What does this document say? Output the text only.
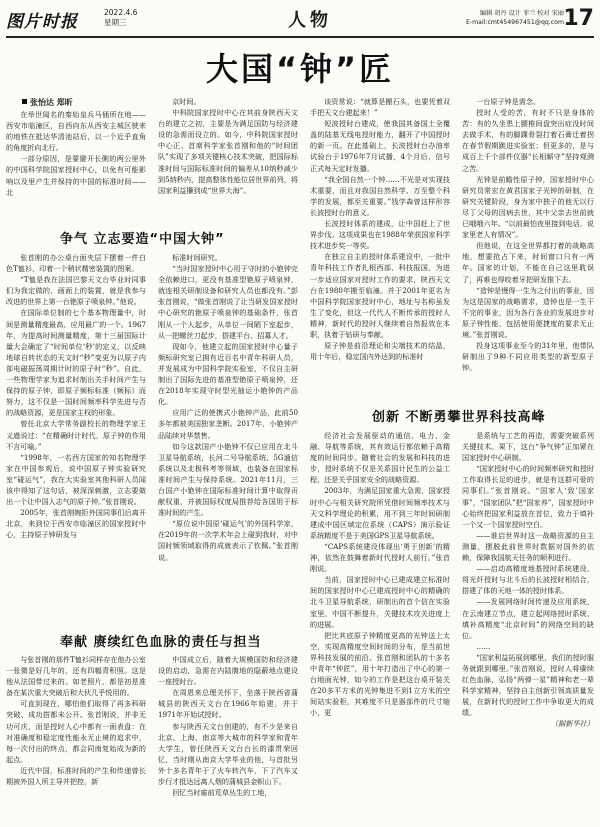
图片时报	2022.4.6
星期三	人物	编辑 胡丹 设计 菲兰 校对 宋丽
E-mail:cmt454967451@qq.com 17
大国“钟”匠

张怡达 郑昕

在举世闻名的秦始皇兵马俑所在地——西安市临潼区，自西向东从西安主城区驶来的地铁在抵达华清池站后，以一个近乎直角的角度折向北行。

一部分原因，是要避开长側的两公里外的中国科学院国家授时中心，以免有可能影响以及里产生并保持的中国的标准时间——北

京时间。

中科院国家授时中心在其前身陕西天文台的建立之初，主要是为满足国防与经济建设的急需而设立的。如今，中科院国家授时中心正、首席科学家张首刚和他的“时间团队”实现了多项关键核心技术突破，把国际标准时间与国际标准时间的偏差从10纳秒减少到5纳秒内，提高整体性能位居世界前列，将国家利益攥到成“世界大海”。

谈资常说：“就算是搬石头，也要凭着双手把天文台建起来！”

短波授时台建成，使我国其备国土全覆盖的陆基无线电授时能力，翻开了中国授时的新一页。在此基础上，长波授时台办油率试验台于1976年7月试播，4个月后，信号正式每天定时发播。

“我全国自然一个钟……不光是对实现技术重要，而且对我国自然科学、万至整个科学的发展，都至关重要。”钱学森曾这样形容长波授时台的意义。

长波授时体系的建成，让中国赶上了世界步伐。这项成果也在1988年荣获国家科学技术进步奖一等奖。

在独立自主的授时体系建设中，一批中青年科技工作者扎根西部、科技报国，为进一步适应国家对授时工作的要求，陕西天文台在1980年搬至临潼。并于2001年更名为中国科学院国家授时中心，地址与名称虽发生了变化，但这一代代人不断传承的授时人精神，新时代的授时人继续着自然报效在本职，执着于钻研与奉献。

原子钟是前沿理论和尖端技术的结晶，用十年后，稳定国内外达到的标准时

一台原子钟是需念。

授时人受的苦，有时不只是身体的苦：有的久坐患上腰椎间盘突出症没时间去做手术，有的脚踝骨裂打着石膏迁着拐在春节假期跳进实验室；但更多的，是与成百上千个部件仪器“长相厮守”坚持观测之苦。

光钟是前瞻性原子钟，国家授时中心研究员常宏在黄君国家子光钟的研制，在研究关键阶段，身为家中独子的他无以行尽丁父母的因病去世，其中父亲去世前就已哦哦六年。“以前最怕夜里接到电话，说家里老人有情况”。

但他说，在这全世界都打着的战略高地，想要抢占下来，时间窗口只有一两年。国家的计划，不能在自己这里耽误了，再难也得咬着牙把研发推下去。

“造钟是慢得一生为之付出的事业，因为这是国家的战略需求，造钟也是一生干不完的事业，因为各行各业的发展进步对原子钟性能、包括使用便捷度的要求无止境。”张首刚说。

投身这项事业至今的31年里，他带队研制出了9种不同应用类型的新型原子钟。

争气 立志要造“中国大钟”

张首刚的办公桌台面夹层下摆着一件白色T恤衫，印着一个稍状精密装置的图案。

“T恤是我在法国巴黎天文台毕业时同事们为我定做的，画面上的装置，就是我参与改进的世界上第一台铯原子喷泉钟。”他说。

在国际单位制的七个基本物理量中，时间是测量精度最高、应用最广的一个。1967年，为提高时间测量精度，第十三届国际计量大会确定了“时间单位‘秒’的定义，以反映地球自转状态的天文时“秒”变更为以原子内部电磁振荡周期计时的原子时“秒”。自此，一些物理学家为追求时制出关手时间产生与保持的原子钟，即原子频标标准（频标）而努力，这不仅是一国时间频率科学先进与否的战略资源，更是国家主权的形象。

曾任北京大学常务副校长的物理学家王义遒说过：“在精确时计时代，原子钟的作用不言可喻。”

“1998年，一名西方国家的知名物理学家在中国参观后，说中国原子钟实验研究室“碰运气”，我在大实验室其他科研人员闻该中得知了这句话，被深深刺激，立志要做出一个让中国人志气的原子钟。”张首刚说。

2005年，张首刚婉拒外国同事们后离开北京，来到位于西安市临潼区的国家授时中心，主持原子钟研发与

标准时间研究。

“当时国家授时中心用于守时的小铯钟完全依赖进口，更没有基准型铯原子喷泉钟，就连相关研制设备和研究人员也都没有。”彭张首刚说，“做张首刚说了让当研发国家授时中心研究的铯原子喷泉钟的基础条件，张首刚从一个人起步，从单位一间陋下室起步，从一把螺丝刀起步，搭建平台、招募人才。

现如今，他建立起的国家授时中心量子频标研究室已拥有近百名中青年科研人员，并发展成为中国科学院实验室，不仅自主研制出了国际先进的基准型铯原子喷泉钟，还在2018年实现守时型光抽运小铯钟的产品化。

应用广泛的使携式小铯钟产品，此前50多年都被美国独家垄断。2017年，小铯钟产品陆续对华禁售。

如今这款国产小铯钟不仅已应用在北斗卫星导航系统，长河二号导航系统、5G通信系统以及北极科考等领域，也装备在国家标准时间产生与保持系统。2021年11月，三台国产小铯钟在国际标准时间计算中取得贡献权重，并被国际权度局推荐给各国用于标准时间的产生。

“原位说中国原‘碰运气’的外国科学家，在2019年的一次学术年会上碰到我时，对中国时频领域取得的成就表示了钦佩。”张首刚说。

奉献 赓续红色血脉的责任与担当

与张首刚的那件T恤衫同样存在他办公室一张微是好几年的，还有四幅青积照。这是他从法国带过来的。如老照片，都是初是准备在某次重大突破后和大伙几乎悦用的。

可直到现在，哪怕他们取得了再多科研突破、成功搭都未公开。张首刚说，并非无功可庆，而是授时人心中都有一面表盘：在对准确度和稳定度性能永无止境的追求中，每一次付出的终点，都会同南复始成为新的起点。

近代中国，标准时间的产生和传递曾长期被外国人所主导并把控，新

中国成立后，随着大规模国防和经济建设的启动，急需在内陆腹地的隐蔽地点建设一座授时台。

在周恩来总理关怀下，坐落于陕西省蒲城县的陕西天文台在1966年始建，并于1971年开始试授时。

参与陕西天文台创建的，有不少是来自北京、上海、南京等大城市的科学家和青年大学生，曾任陕西天文台台长的漆贯荣回忆，当时刚从南京大学毕业的他，与首批另外十多名青年于了火车转汽车，下了汽车又步行才抵达远离人烟的蒲城县金帜山下。

回忆当时雇前荒草丛生的工地，

创新 不断勇攀世界科技高峰

经济社会发展驱动的通信、电力、金融、导航等系统，其有效运行都依赖于高精度的时间同步。随着社会的发展和科技的进步，授时系统不仅是关系国计民生的公益工程，还是关乎国家安全的战略资源。

2003年，为满足国家重大急需，国家授时中心与相关研究院所凭借时间频率技术与天文科学理论的积累，用不到三年时间研制建成中国区域定位系统（CAPS）演示验证系统精度不是于美国GPS卫星导航系统。

“CAPS系统建设体现出‘勇于创新’的精神，依然在鼓舞着新时代授时人前行。”张首刚说。

当前，国家授时中心已建成建立标准时间的国家授时中心已建成授时中心的精确的北斗卫星导航系统，研制出的首个信在实验室里，中国不断提升，关键技术攻关进度上的进展。

把比其底原子钟精度更高的光钟送上太空，实现高精度空间时间的分布，是当前世界科技发展的前沿。张首刚和团队的十多名中青年“钟匠”，用十年打造出了中心的第一台地面光钟，如今的工作是把这台桌开装关在20多平方米的光钟集进不到1立方米的空间站实验柜，其难度不只是器部件的尺寸缩小，更

是系统与工艺的再造，需要突破系列关键技术。果下，这台“争气钟”正加紧在国家授时中心研制。

“国家授时中心的时间频率研究和授时工作取得长足的进步，就是有这群可爱的同事们。”张首刚说。“国家人‘致’国家事”，“国家团队”把“国家养”，国家授时中心始终把国家利益放在首位，致力于填补一个又一个国家授时空白。

——谁启世界时这一战略资源的自主测量，摆脱此前世界时数据对国外的依赖，保障我国航天任务的顺利进行。

——启动高精度地基授时系统建设，将光纤授时与北斗后的长波授时相结合，搭建了体的天地一体的授时体系。

——发展网络时间传递及应用系统，在云南建立节点，建立起网络授时系统，填补高精度“北京时间”的网络空间的缺位。

……

“国家利益拓展到哪里，我们的授时服务就跟到哪里。”张首刚说，授时人将赓续红色血脉，弘扬“两弹一星”精神和老一辈科学家精神，坚持自主创新引领高质量发展，在新时代的授时工作中争取更大的成绩。

（据新华社）
